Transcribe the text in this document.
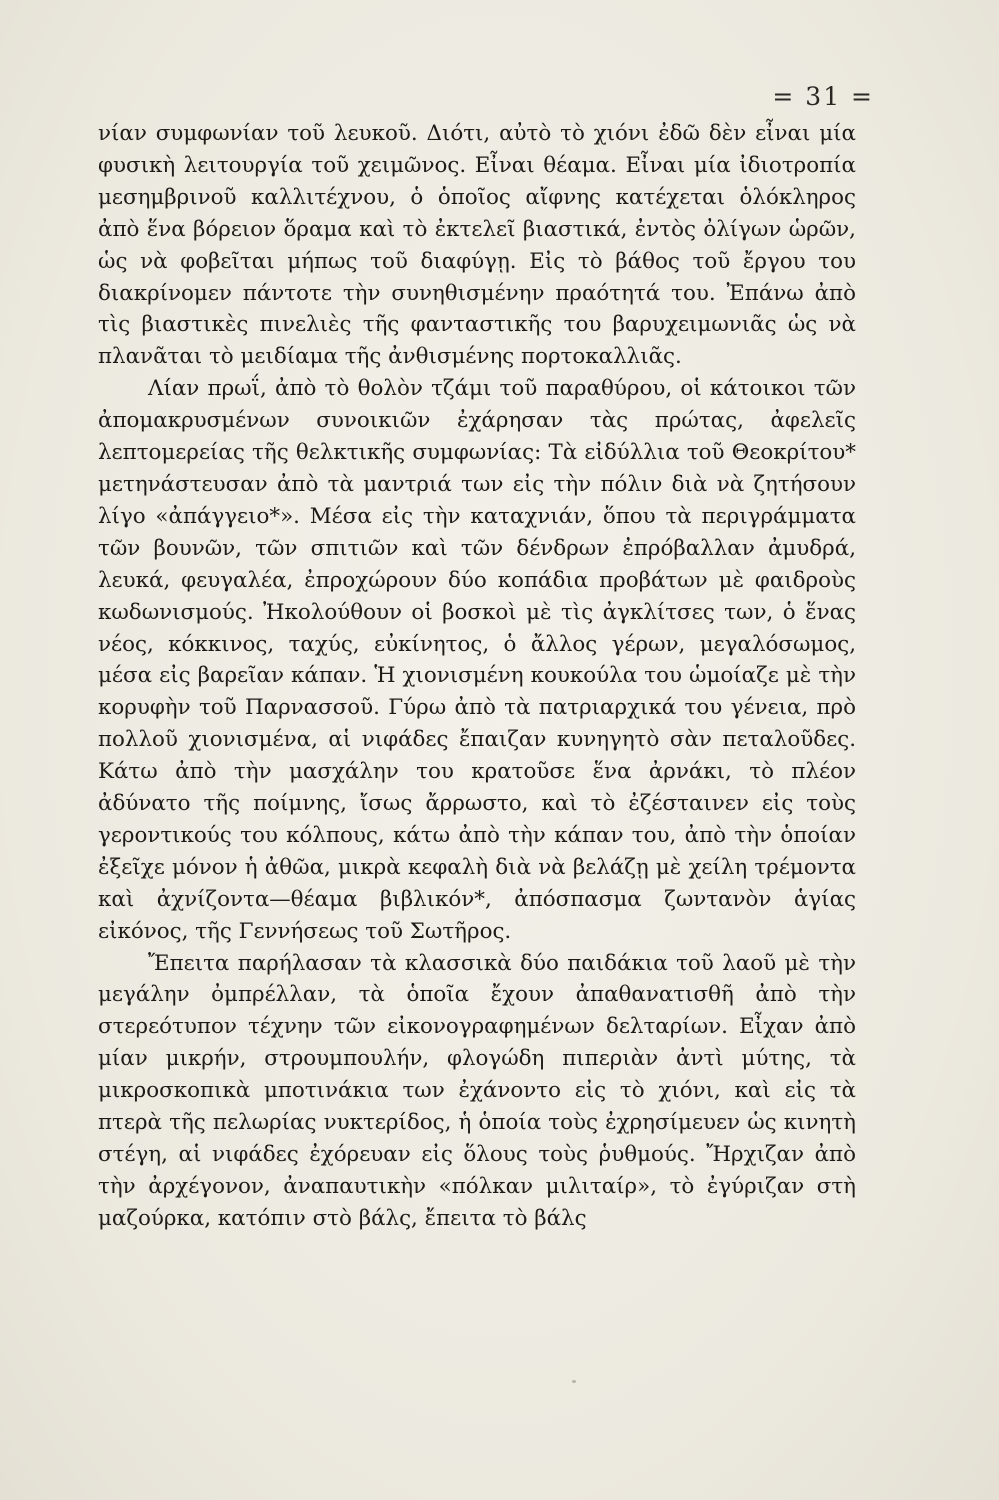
= 31 =

νίαν συμφωνίαν τοῦ λευκοῦ. Διότι, αὐτὸ τὸ χιόνι ἐδῶ δὲν εἶναι μία φυσικὴ λειτουργία τοῦ χειμῶνος. Εἶναι θέαμα. Εἶναι μία ἰδιοτροπία μεσημβρινοῦ καλλιτέχνου, ὁ ὁποῖος αἴφνης κατέχεται ὁλόκληρος ἀπὸ ἕνα βόρειον ὅραμα καὶ τὸ ἐκτελεῖ βιαστικά, ἐντὸς ὀλίγων ὡρῶν, ὡς νὰ φοβεῖται μήπως τοῦ διαφύγῃ. Εἰς τὸ βάθος τοῦ ἔργου του διακρίνομεν πάντοτε τὴν συνηθισμένην πραότητά του. Ἐπάνω ἀπὸ τὶς βιαστικὲς πινελιὲς τῆς φανταστικῆς του βαρυχειμωνιᾶς ὡς νὰ πλανᾶται τὸ μειδίαμα τῆς ἀνθισμένης πορτοκαλλιᾶς.

Λίαν πρωΐ, ἀπὸ τὸ θολὸν τζάμι τοῦ παραθύρου, οἱ κάτοικοι τῶν ἀπομακρυσμένων συνοικιῶν ἐχάρησαν τὰς πρώτας, ἀφελεῖς λεπτομερείας τῆς θελκτικῆς συμφωνίας: Τὰ εἰδύλλια τοῦ Θεοκρίτου* μετηνάστευσαν ἀπὸ τὰ μαντριά των εἰς τὴν πόλιν διὰ νὰ ζητήσουν λίγο «ἀπάγγειο*». Μέσα εἰς τὴν καταχνιάν, ὅπου τὰ περιγράμματα τῶν βουνῶν, τῶν σπιτιῶν καὶ τῶν δένδρων ἐπρόβαλλαν ἀμυδρά, λευκά, φευγαλέα, ἐπροχώρουν δύο κοπάδια προβάτων μὲ φαιδροὺς κωδωνισμούς. Ἠκολούθουν οἱ βοσκοὶ μὲ τὶς ἀγκλίτσες των, ὁ ἕνας νέος, κόκκινος, ταχύς, εὐκίνητος, ὁ ἄλλος γέρων, μεγαλόσωμος, μέσα εἰς βαρεῖαν κάπαν. Ἡ χιονισμένη κουκούλα του ὡμοίαζε μὲ τὴν κορυφὴν τοῦ Παρνασσοῦ. Γύρω ἀπὸ τὰ πατριαρχικά του γένεια, πρὸ πολλοῦ χιονισμένα, αἱ νιφάδες ἔπαιζαν κυνηγητὸ σὰν πεταλοῦδες. Κάτω ἀπὸ τὴν μασχάλην του κρατοῦσε ἕνα ἀρνάκι, τὸ πλέον ἀδύνατο τῆς ποίμνης, ἴσως ἄρρωστο, καὶ τὸ ἐζέσταινεν εἰς τοὺς γεροντικούς του κόλπους, κάτω ἀπὸ τὴν κάπαν του, ἀπὸ τὴν ὁποίαν ἐξεῖχε μόνον ἡ ἀθῶα, μικρὰ κεφαλὴ διὰ νὰ βελάζῃ μὲ χείλη τρέμοντα καὶ ἀχνίζοντα—θέαμα βιβλικόν*, ἀπόσπασμα ζωντανὸν ἁγίας εἰκόνος, τῆς Γεννήσεως τοῦ Σωτῆρος.

Ἔπειτα παρήλασαν τὰ κλασσικὰ δύο παιδάκια τοῦ λαοῦ μὲ τὴν μεγάλην ὀμπρέλλαν, τὰ ὁποῖα ἔχουν ἀπαθανατισθῆ ἀπὸ τὴν στερεότυπον τέχνην τῶν εἰκονογραφημένων δελταρίων. Εἶχαν ἀπὸ μίαν μικρήν, στρουμπουλήν, φλογώδη πιπεριὰν ἀντὶ μύτης, τὰ μικροσκοπικὰ μποτινάκια των ἐχάνοντο εἰς τὸ χιόνι, καὶ εἰς τὰ πτερὰ τῆς πελωρίας νυκτερίδος, ἡ ὁποία τοὺς ἐχρησίμευεν ὡς κινητὴ στέγη, αἱ νιφάδες ἐχόρευαν εἰς ὅλους τοὺς ῥυθμούς. Ἤρχιζαν ἀπὸ τὴν ἀρχέγονον, ἀναπαυτικὴν «πόλκαν μιλιταίρ», τὸ ἐγύριζαν στὴ μαζούρκα, κατόπιν στὸ βάλς, ἔπειτα τὸ βάλς
